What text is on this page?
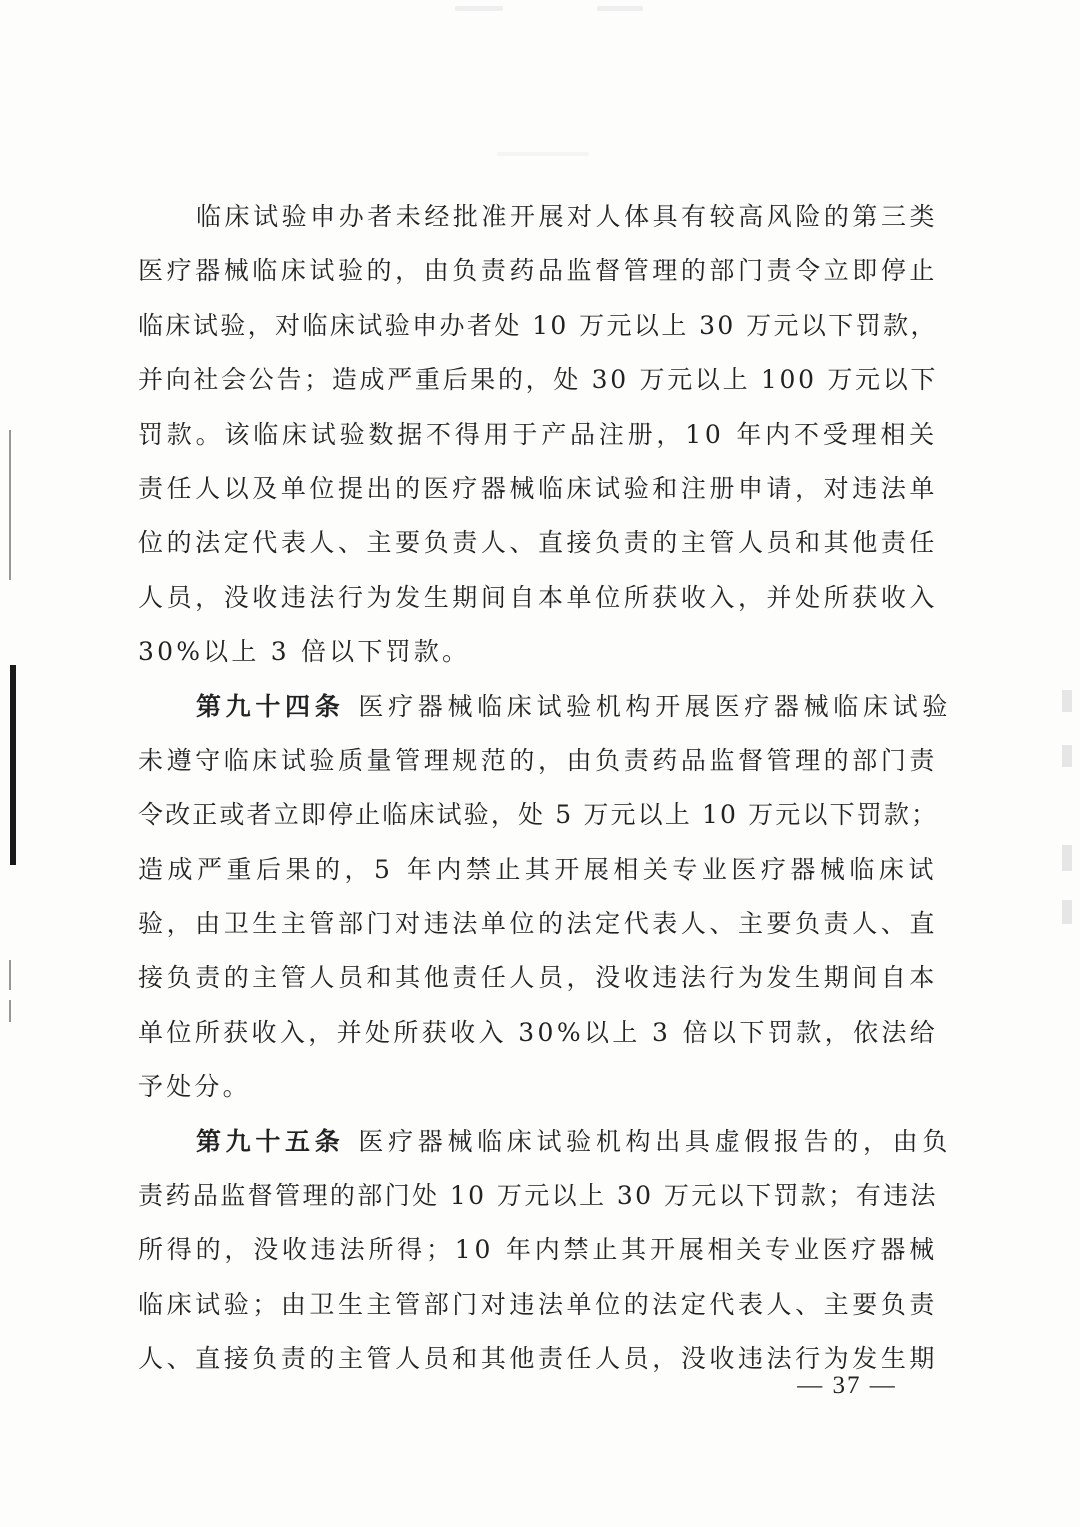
临床试验申办者未经批准开展对人体具有较高风险的第三类
医疗器械临床试验的，由负责药品监督管理的部门责令立即停止
临床试验，对临床试验申办者处 10 万元以上 30 万元以下罚款，
并向社会公告；造成严重后果的，处 30 万元以上 100 万元以下
罚款。该临床试验数据不得用于产品注册，10 年内不受理相关
责任人以及单位提出的医疗器械临床试验和注册申请，对违法单
位的法定代表人、主要负责人、直接负责的主管人员和其他责任
人员，没收违法行为发生期间自本单位所获收入，并处所获收入
30%以上 3 倍以下罚款。
第九十四条 医疗器械临床试验机构开展医疗器械临床试验
未遵守临床试验质量管理规范的，由负责药品监督管理的部门责
令改正或者立即停止临床试验，处 5 万元以上 10 万元以下罚款；
造成严重后果的，5 年内禁止其开展相关专业医疗器械临床试
验，由卫生主管部门对违法单位的法定代表人、主要负责人、直
接负责的主管人员和其他责任人员，没收违法行为发生期间自本
单位所获收入，并处所获收入 30%以上 3 倍以下罚款，依法给
予处分。
第九十五条 医疗器械临床试验机构出具虚假报告的，由负
责药品监督管理的部门处 10 万元以上 30 万元以下罚款；有违法
所得的，没收违法所得；10 年内禁止其开展相关专业医疗器械
临床试验；由卫生主管部门对违法单位的法定代表人、主要负责
人、直接负责的主管人员和其他责任人员，没收违法行为发生期
— 37 —
